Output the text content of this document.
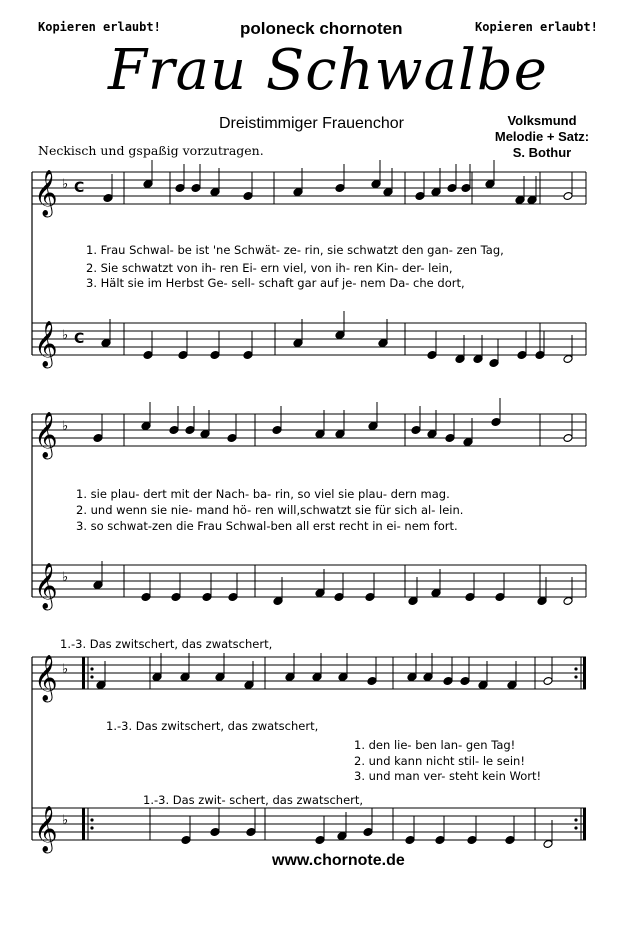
Kopieren erlaubt!	poloneck chornoten	Kopieren erlaubt!
Frau Schwalbe
Dreistimmiger Frauenchor	Volksmund
Melodie + Satz:
S. Bothur
Neckisch und gspaßig vorzutragen.
1. Frau Schwal- be ist 'ne Schwät- ze- rin, sie schwatzt den gan- zen Tag,
2. Sie schwatzt von ih- ren Ei- ern viel, von ih- ren Kin- der- lein,
3. Hält sie im Herbst Ge- sell- schaft gar auf je- nem Da- che dort,
1. sie plau- dert mit der Nach- ba- rin, so viel sie plau- dern mag.
2. und wenn sie nie- mand hö- ren will,schwatzt sie für sich al- lein.
3. so schwat-zen die Frau Schwal-ben all erst recht in ei- nem fort.
1.-3. Das zwitschert, das zwatschert,
1.-3. Das zwitschert, das zwatschert,
1. den lie- ben lan- gen Tag!
2. und kann nicht stil- le sein!
3. und man ver- steht kein Wort!
1.-3. Das zwit- schert, das zwatschert,
www.chornote.de
𝄞 ♭ C
𝄞 ♭ C
𝄞 ♭
𝄞 ♭
𝄞 ♭
𝄞 ♭
